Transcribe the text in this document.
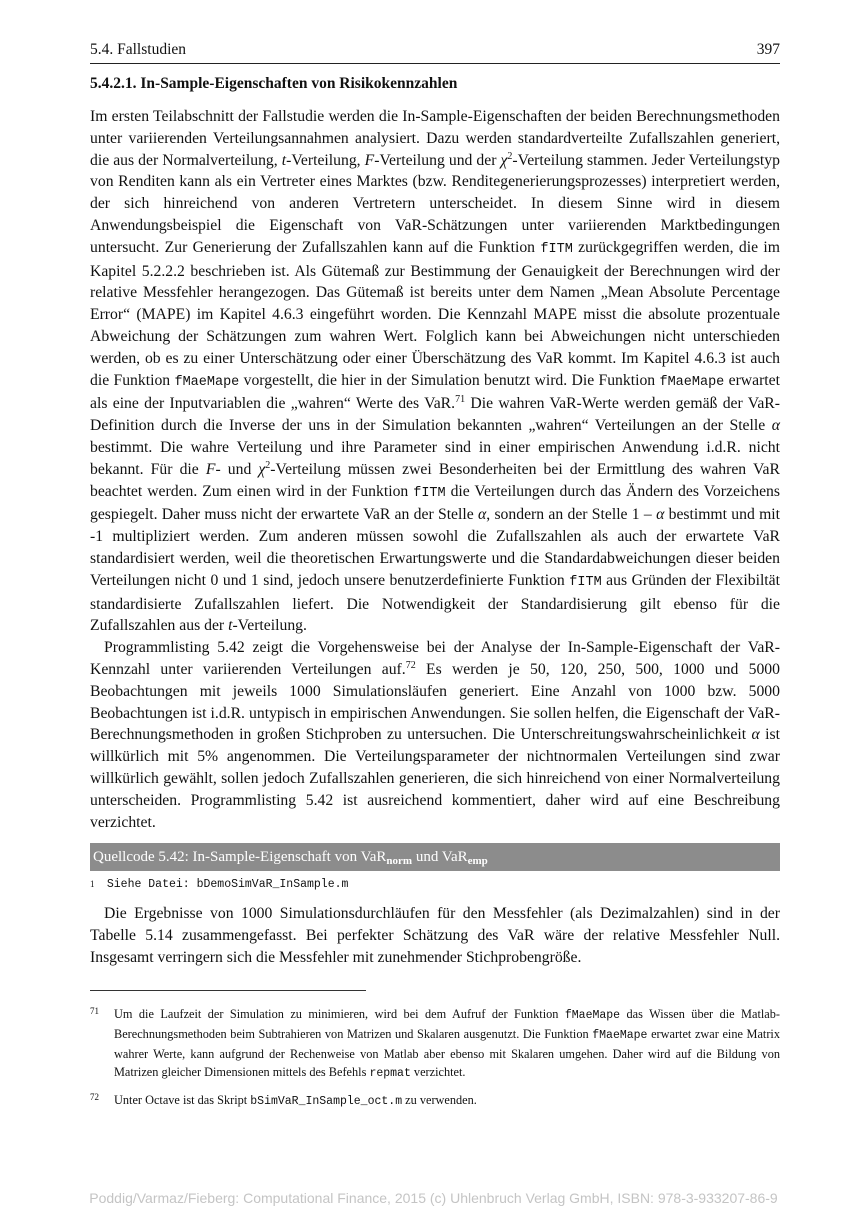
5.4. Fallstudien	397
5.4.2.1. In-Sample-Eigenschaften von Risikokennzahlen

Im ersten Teilabschnitt der Fallstudie werden die In-Sample-Eigenschaften der beiden Berechnungsmethoden unter variierenden Verteilungsannahmen analysiert. Dazu werden standardverteilte Zufallszahlen generiert, die aus der Normalverteilung, t-Verteilung, F-Verteilung und der $\chi^2$-Verteilung stammen. Jeder Verteilungstyp von Renditen kann als ein Vertreter eines Marktes (bzw. Renditegenerierungsprozesses) interpretiert werden, der sich hinreichend von anderen Vertretern unterscheidet. In diesem Sinne wird in diesem Anwendungsbeispiel die Eigenschaft von VaR-Schätzungen unter variierenden Marktbedingungen untersucht. Zur Generierung der Zufallszahlen kann auf die Funktion fITM zurückgegriffen werden, die im Kapitel 5.2.2.2 beschrieben ist. Als Gütemaß zur Bestimmung der Genauigkeit der Berechnungen wird der relative Messfehler herangezogen. Das Gütemaß ist bereits unter dem Namen „Mean Absolute Percentage Error“ (MAPE) im Kapitel 4.6.3 eingeführt worden. Die Kennzahl MAPE misst die absolute prozentuale Abweichung der Schätzungen zum wahren Wert. Folglich kann bei Abweichungen nicht unterschieden werden, ob es zu einer Unterschätzung oder einer Überschätzung des VaR kommt. Im Kapitel 4.6.3 ist auch die Funktion fMaeMape vorgestellt, die hier in der Simulation benutzt wird. Die Funktion fMaeMape erwartet als eine der Inputvariablen die „wahren“ Werte des VaR.$^{71}$ Die wahren VaR-Werte werden gemäß der VaR-Definition durch die Inverse der uns in der Simulation bekannten „wahren“ Verteilungen an der Stelle α bestimmt. Die wahre Verteilung und ihre Parameter sind in einer empirischen Anwendung i.d.R. nicht bekannt. Für die F- und $\chi^2$-Verteilung müssen zwei Besonderheiten bei der Ermittlung des wahren VaR beachtet werden. Zum einen wird in der Funktion fITM die Verteilungen durch das Ändern des Vorzeichens gespiegelt. Daher muss nicht der erwartete VaR an der Stelle α, sondern an der Stelle 1 – α bestimmt und mit -1 multipliziert werden. Zum anderen müssen sowohl die Zufallszahlen als auch der erwartete VaR standardisiert werden, weil die theoretischen Erwartungswerte und die Standardabweichungen dieser beiden Verteilungen nicht 0 und 1 sind, jedoch unsere benutzerdefinierte Funktion fITM aus Gründen der Flexibiltät standardisierte Zufallszahlen liefert. Die Notwendigkeit der Standardisierung gilt ebenso für die Zufallszahlen aus der t-Verteilung.

Programmlisting 5.42 zeigt die Vorgehensweise bei der Analyse der In-Sample-Eigenschaft der VaR-Kennzahl unter variierenden Verteilungen auf.$^{72}$ Es werden je 50, 120, 250, 500, 1000 und 5000 Beobachtungen mit jeweils 1000 Simulationsläufen generiert. Eine Anzahl von 1000 bzw. 5000 Beobachtungen ist i.d.R. untypisch in empirischen Anwendungen. Sie sollen helfen, die Eigenschaft der VaR-Berechnungsmethoden in großen Stichproben zu untersuchen. Die Unterschreitungswahrscheinlichkeit α ist willkürlich mit 5% angenommen. Die Verteilungsparameter der nichtnormalen Verteilungen sind zwar willkürlich gewählt, sollen jedoch Zufallszahlen generieren, die sich hinreichend von einer Normalverteilung unterscheiden. Programmlisting 5.42 ist ausreichend kommentiert, daher wird auf eine Beschreibung verzichtet.

Quellcode 5.42: In-Sample-Eigenschaft von VaR$_{norm}$ und VaR$_{emp}$
1 Siehe Datei: bDemoSimVaR_InSample.m

Die Ergebnisse von 1000 Simulationsdurchläufen für den Messfehler (als Dezimalzahlen) sind in der Tabelle 5.14 zusammengefasst. Bei perfekter Schätzung des VaR wäre der relative Messfehler Null. Insgesamt verringern sich die Messfehler mit zunehmender Stichprobengröße.

71	Um die Laufzeit der Simulation zu minimieren, wird bei dem Aufruf der Funktion fMaeMape das Wissen über die Matlab-Berechnungsmethoden beim Subtrahieren von Matrizen und Skalaren ausgenutzt. Die Funktion fMaeMape erwartet zwar eine Matrix wahrer Werte, kann aufgrund der Rechenweise von Matlab aber ebenso mit Skalaren umgehen. Daher wird auf die Bildung von Matrizen gleicher Dimensionen mittels des Befehls repmat verzichtet.
72	Unter Octave ist das Skript bSimVaR_InSample_oct.m zu verwenden.
Poddig/Varmaz/Fieberg: Computational Finance, 2015 (c) Uhlenbruch Verlag GmbH, ISBN: 978-3-933207-86-9
